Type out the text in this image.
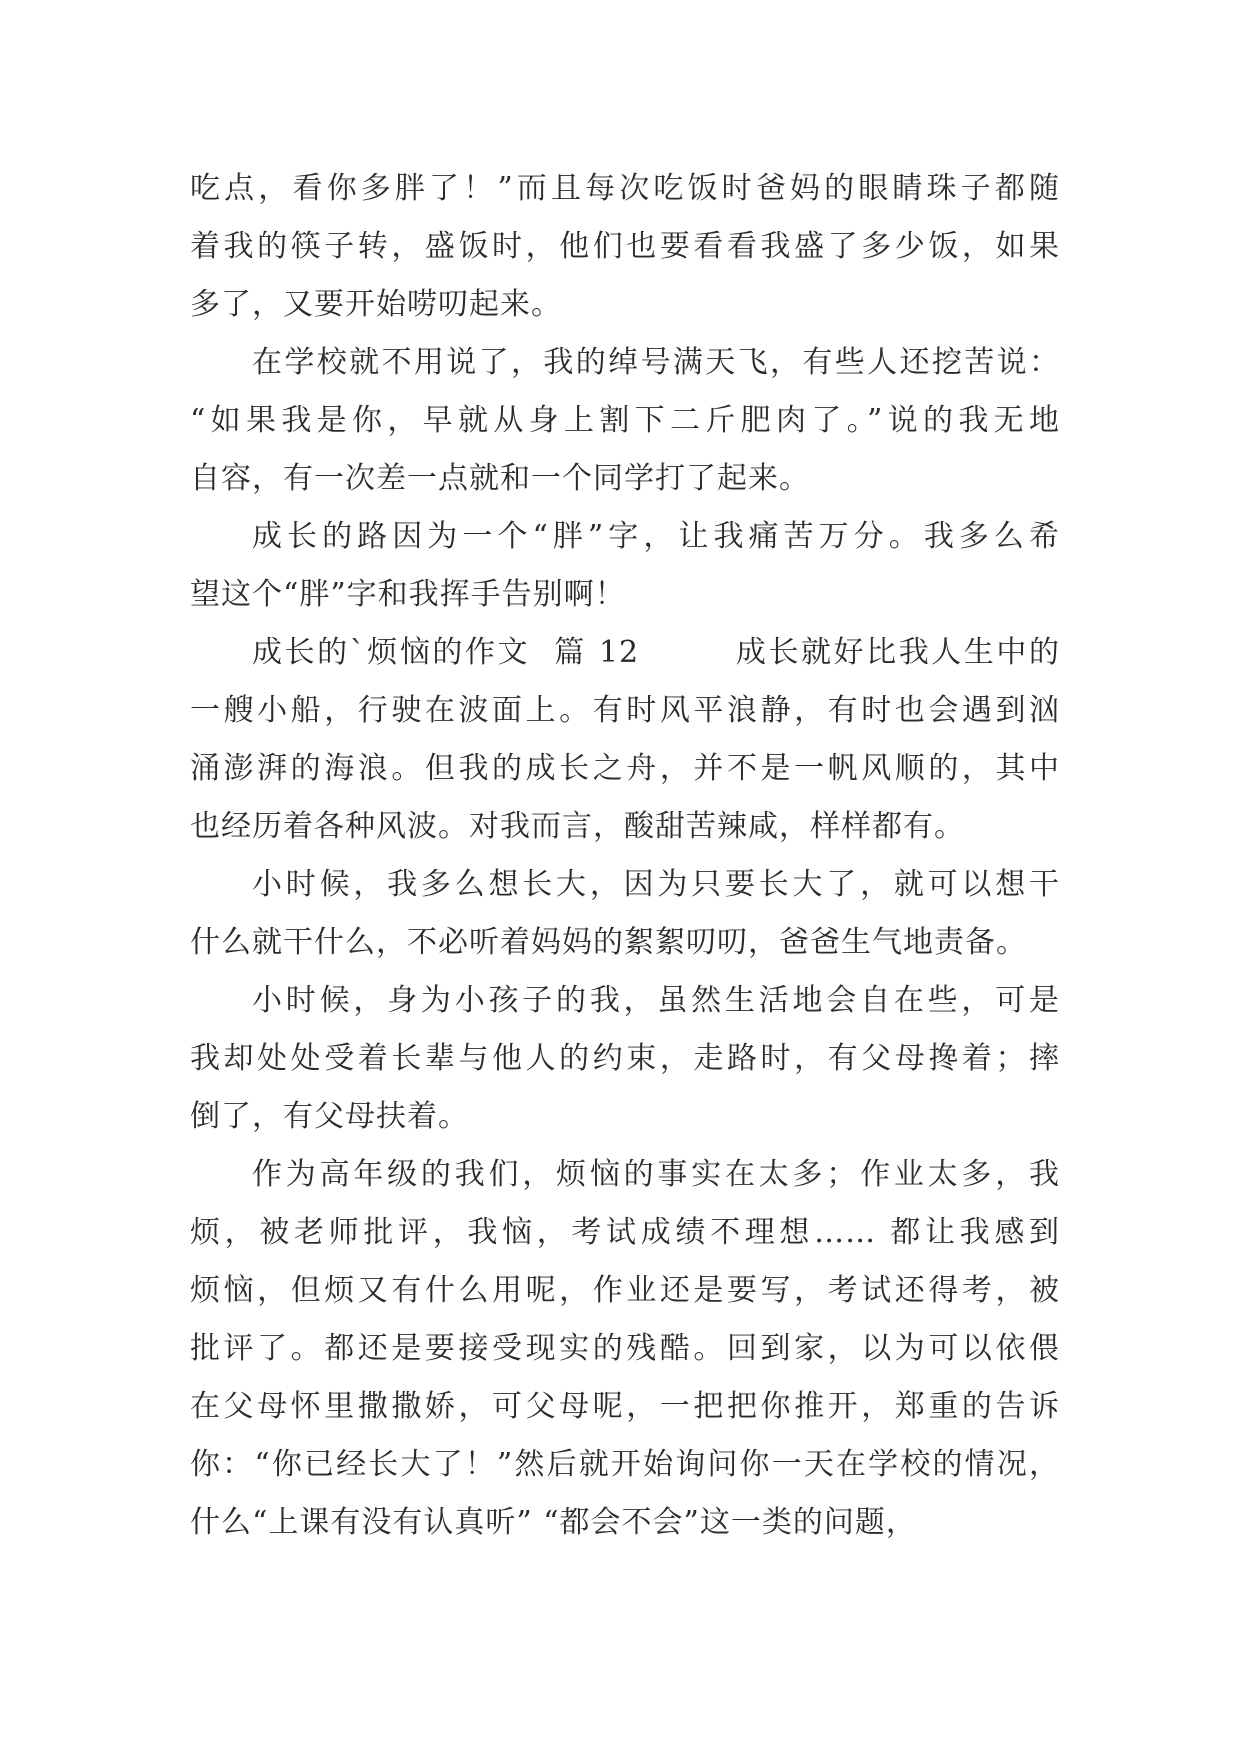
吃点，看你多胖了！”而且每次吃饭时爸妈的眼睛珠子都随
着我的筷子转，盛饭时，他们也要看看我盛了多少饭，如果
多了，又要开始唠叨起来。
在学校就不用说了，我的绰号满天飞，有些人还挖苦说：
“如果我是你，早就从身上割下二斤肥肉了。”说的我无地
自容，有一次差一点就和一个同学打了起来。
成长的路因为一个“胖”字，让我痛苦万分。我多么希
望这个“胖”字和我挥手告别啊！
成长的`烦恼的作文  篇 12        成长就好比我人生中的
一艘小船，行驶在波面上。有时风平浪静，有时也会遇到汹
涌澎湃的海浪。但我的成长之舟，并不是一帆风顺的，其中
也经历着各种风波。对我而言，酸甜苦辣咸，样样都有。
小时候，我多么想长大，因为只要长大了，就可以想干
什么就干什么，不必听着妈妈的絮絮叨叨，爸爸生气地责备。
小时候，身为小孩子的我，虽然生活地会自在些，可是
我却处处受着长辈与他人的约束，走路时，有父母搀着；摔
倒了，有父母扶着。
作为高年级的我们，烦恼的事实在太多；作业太多，我
烦，被老师批评，我恼，考试成绩不理想…… 都让我感到
烦恼，但烦又有什么用呢，作业还是要写，考试还得考，被
批评了。都还是要接受现实的残酷。回到家，以为可以依偎
在父母怀里撒撒娇，可父母呢，一把把你推开，郑重的告诉
你：“你已经长大了！”然后就开始询问你一天在学校的情况，
什么“上课有没有认真听” “都会不会”这一类的问题，
